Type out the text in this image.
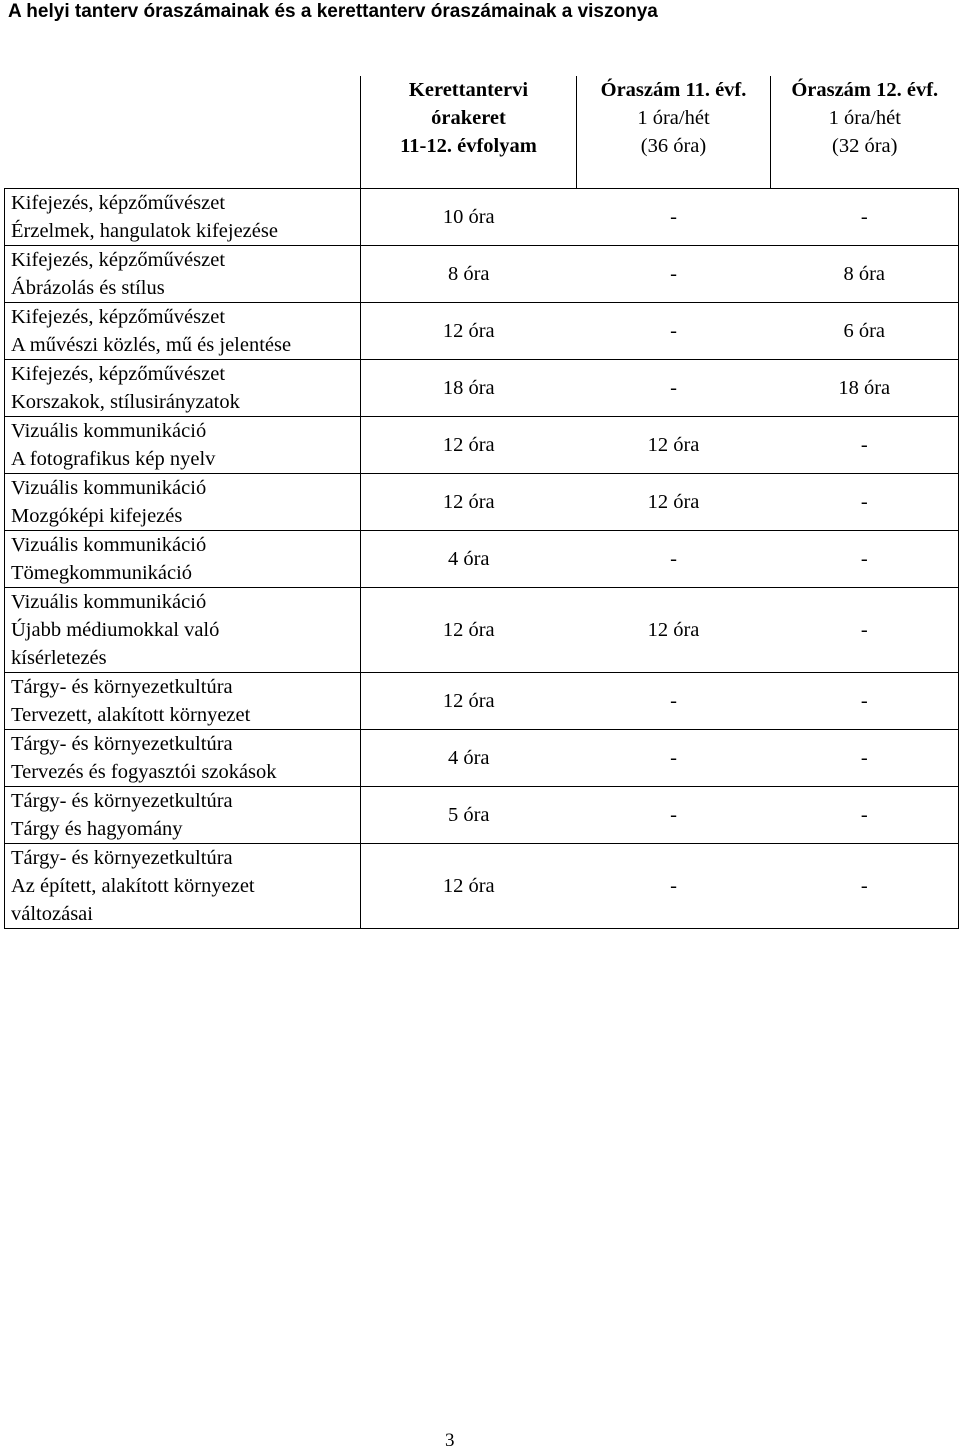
A helyi tanterv óraszámainak és a kerettanterv óraszámainak a viszonya

	Kerettantervi órakeret
11-12. évfolyam	Óraszám 11. évf.
1 óra/hét
(36 óra)	Óraszám 12. évf.
1 óra/hét
(32 óra)

Kifejezés, képzőművészet
Érzelmek, hangulatok kifejezése	10 óra	-	-

Kifejezés, képzőművészet
Ábrázolás és stílus	8 óra	-	8 óra

Kifejezés, képzőművészet
A művészi közlés, mű és jelentése	12 óra	-	6 óra

Kifejezés, képzőművészet
Korszakok, stílusirányzatok	18 óra	-	18 óra

Vizuális kommunikáció
A fotografikus kép nyelv	12 óra	12 óra	-

Vizuális kommunikáció
Mozgóképi kifejezés	12 óra	12 óra	-

Vizuális kommunikáció
Tömegkommunikáció	4 óra	-	-

Vizuális kommunikáció
Újabb médiumokkal való
kísérletezés	12 óra	12 óra	-

Tárgy- és környezetkultúra
Tervezett, alakított környezet	12 óra	-	-

Tárgy- és környezetkultúra
Tervezés és fogyasztói szokások	4 óra	-	-

Tárgy- és környezetkultúra
Tárgy és hagyomány	5 óra	-	-

Tárgy- és környezetkultúra
Az épített, alakított környezet
változásai	12 óra	-	-
3
